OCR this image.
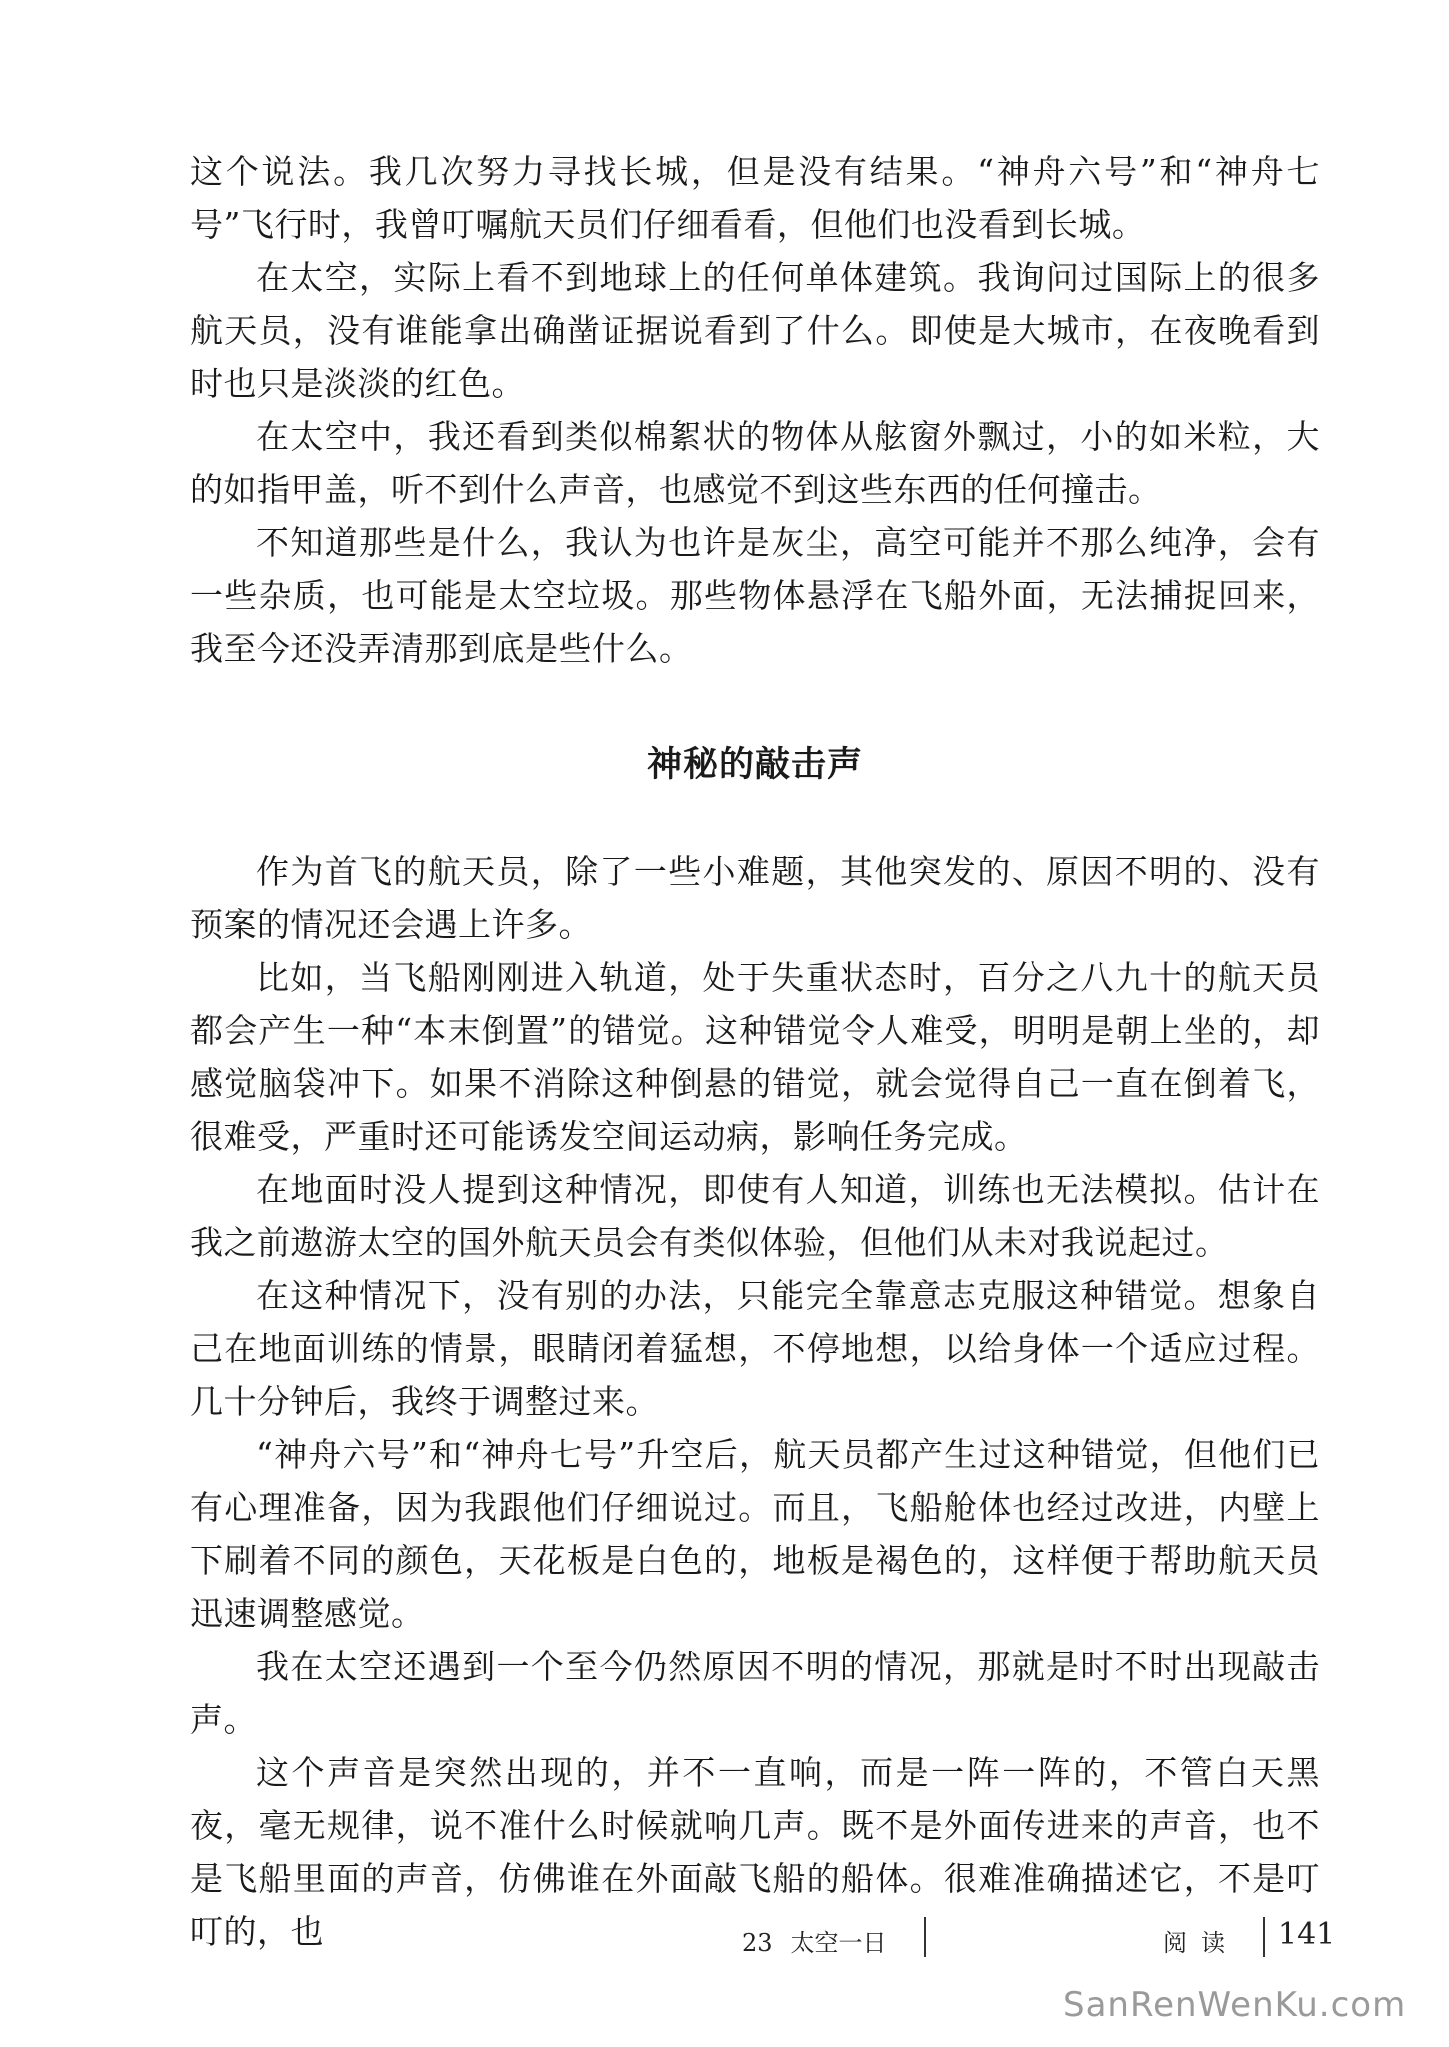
这个说法。我几次努力寻找长城，但是没有结果。“神舟六号”和“神舟七号”飞行时，我曾叮嘱航天员们仔细看看，但他们也没看到长城。

在太空，实际上看不到地球上的任何单体建筑。我询问过国际上的很多航天员，没有谁能拿出确凿证据说看到了什么。即使是大城市，在夜晚看到时也只是淡淡的红色。

在太空中，我还看到类似棉絮状的物体从舷窗外飘过，小的如米粒，大的如指甲盖，听不到什么声音，也感觉不到这些东西的任何撞击。

不知道那些是什么，我认为也许是灰尘，高空可能并不那么纯净，会有一些杂质，也可能是太空垃圾。那些物体悬浮在飞船外面，无法捕捉回来，我至今还没弄清那到底是些什么。

神秘的敲击声

作为首飞的航天员，除了一些小难题，其他突发的、原因不明的、没有预案的情况还会遇上许多。

比如，当飞船刚刚进入轨道，处于失重状态时，百分之八九十的航天员都会产生一种“本末倒置”的错觉。这种错觉令人难受，明明是朝上坐的，却感觉脑袋冲下。如果不消除这种倒悬的错觉，就会觉得自己一直在倒着飞，很难受，严重时还可能诱发空间运动病，影响任务完成。

在地面时没人提到这种情况，即使有人知道，训练也无法模拟。估计在我之前遨游太空的国外航天员会有类似体验，但他们从未对我说起过。

在这种情况下，没有别的办法，只能完全靠意志克服这种错觉。想象自己在地面训练的情景，眼睛闭着猛想，不停地想，以给身体一个适应过程。几十分钟后，我终于调整过来。

“神舟六号”和“神舟七号”升空后，航天员都产生过这种错觉，但他们已有心理准备，因为我跟他们仔细说过。而且，飞船舱体也经过改进，内壁上下刷着不同的颜色，天花板是白色的，地板是褐色的，这样便于帮助航天员迅速调整感觉。

我在太空还遇到一个至今仍然原因不明的情况，那就是时不时出现敲击声。

这个声音是突然出现的，并不一直响，而是一阵一阵的，不管白天黑夜，毫无规律，说不准什么时候就响几声。既不是外面传进来的声音，也不是飞船里面的声音，仿佛谁在外面敲飞船的船体。很难准确描述它，不是叮叮的，也	23 太空一日	阅读 141
SanRenWenKu.com
